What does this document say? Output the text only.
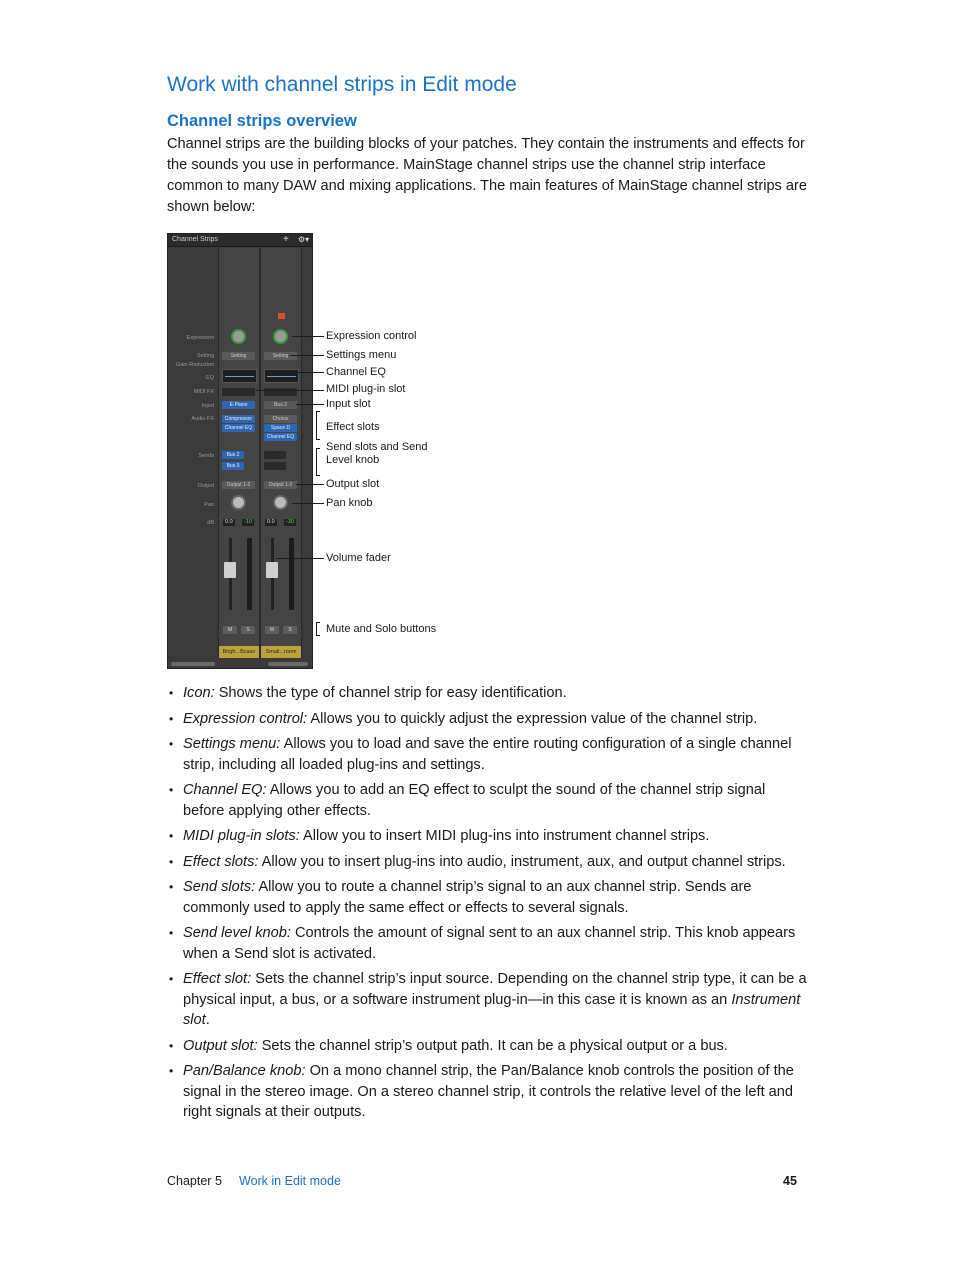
Work with channel strips in Edit mode
Channel strips overview

Channel strips are the building blocks of your patches. They contain the instruments and effects for the sounds you use in performance. MainStage channel strips use the channel strip interface common to many DAW and mixing applications. The main features of MainStage channel strips are shown below:

Channel Strips	+ ⚙▾
Expression
Setting
Gain Reduction
EQ
MIDI FX
Input
Audio FX
Sends
Output
Pan
dB
Setting
E-Piano
Compressor
Channel EQ
Bus 2
Bus 3
Output 1-2
0.0	-10
M	S
Brigh...Bcase
Setting
Bus 2
Chorus
Space D
Channel EQ
Output 1-2
0.0	-30
M	S
Small...room
Expression control
Settings menu
Channel EQ
MIDI plug-in slot
Input slot
Effect slots
Send slots and Send
Level knob
Output slot
Pan knob
Volume fader
Mute and Solo buttons
• Icon: Shows the type of channel strip for easy identification.
• Expression control: Allows you to quickly adjust the expression value of the channel strip.
• Settings menu: Allows you to load and save the entire routing configuration of a single channel strip, including all loaded plug-ins and settings.
• Channel EQ: Allows you to add an EQ effect to sculpt the sound of the channel strip signal before applying other effects.
• MIDI plug-in slots: Allow you to insert MIDI plug-ins into instrument channel strips.
• Effect slots: Allow you to insert plug-ins into audio, instrument, aux, and output channel strips.
• Send slots: Allow you to route a channel strip’s signal to an aux channel strip. Sends are commonly used to apply the same effect or effects to several signals.
• Send level knob: Controls the amount of signal sent to an aux channel strip. This knob appears when a Send slot is activated.
• Effect slot: Sets the channel strip’s input source. Depending on the channel strip type, it can be a physical input, a bus, or a software instrument plug-in—in this case it is known as an Instrument slot.
• Output slot: Sets the channel strip’s output path. It can be a physical output or a bus.
• Pan/Balance knob: On a mono channel strip, the Pan/Balance knob controls the position of the signal in the stereo image. On a stereo channel strip, it controls the relative level of the left and right signals at their outputs.
Chapter 5 Work in Edit mode	45
